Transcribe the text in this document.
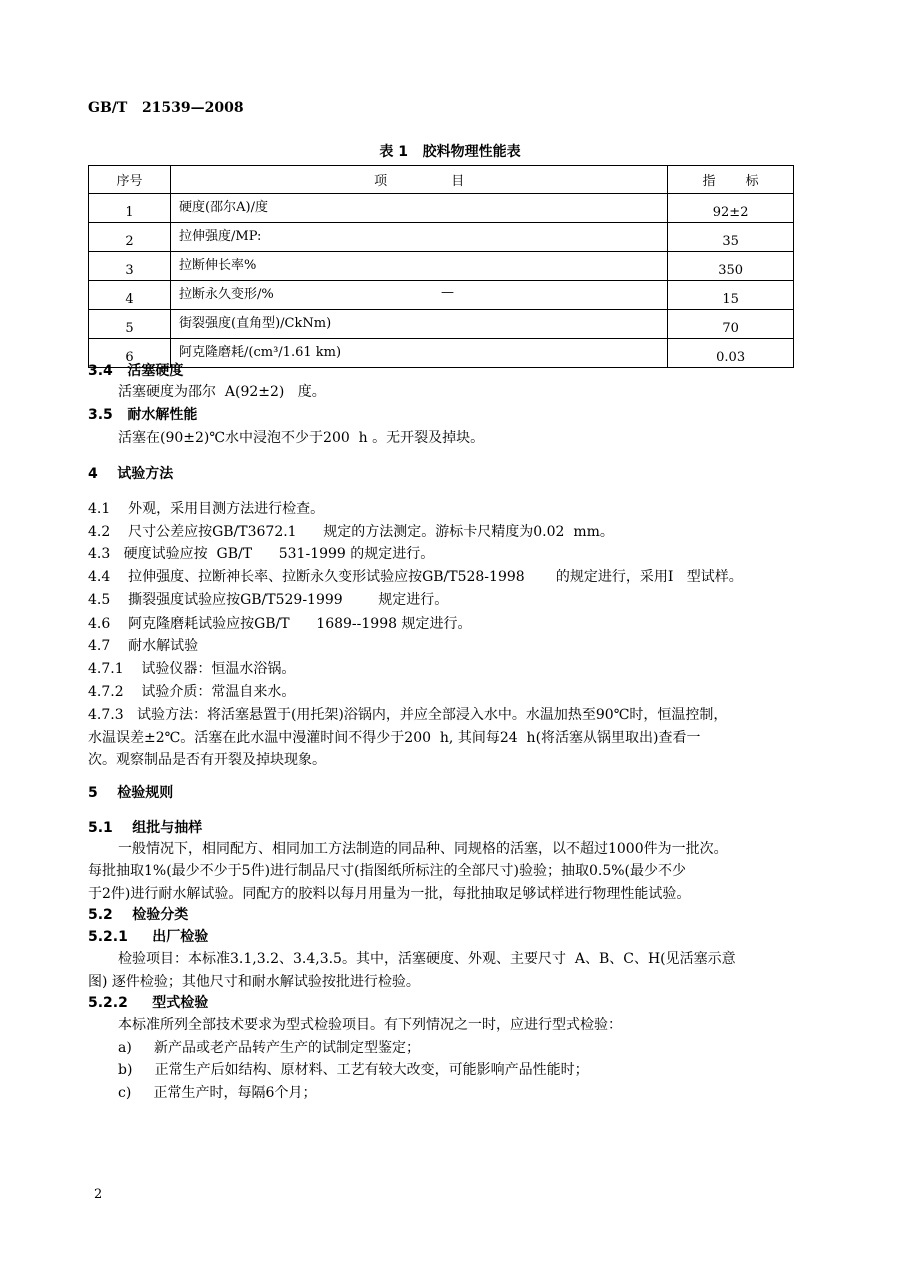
GB/T   21539—2008
表 1   胶料物理性能表
序号	项 目	指 标
1	硬度(邵尔A)/度	92±2
2	拉伸强度/MP:	35
3	拉断伸长率%	350
4	拉断永久变形/% —	15
5	街裂强度(直角型)/CkNm)	70
6	阿克隆磨耗/(cm³/1.61 km)	0.03
3.4   活塞硬度
活塞硬度为邵尔  A(92±2)   度。
3.5   耐水解性能
活塞在(90±2)℃水中浸泡不少于200  h 。无开裂及掉块。
4    试验方法
4.1    外观，采用目测方法进行检查。
4.2    尺寸公差应按GB/T3672.1      规定的方法测定。游标卡尺精度为0.02  mm。
4.3   硬度试验应按  GB/T      531-1999 的规定进行。
4.4    拉伸强度、拉断神长率、拉断永久变形试验应按GB/T528-1998       的规定进行，采用I   型试样。
4.5    撕裂强度试验应按GB/T529-1999        规定进行。
4.6    阿克隆磨耗试验应按GB/T      1689--1998 规定进行。
4.7    耐水解试验
4.7.1    试验仪器：恒温水浴锅。
4.7.2    试验介质：常温自来水。
4.7.3   试验方法：将活塞悬置于(用托架)浴锅内，并应全部浸入水中。水温加热至90℃时，恒温控制，
水温误差±2℃。活塞在此水温中漫灌时间不得少于200  h, 其间每24  h(将活塞从锅里取出)查看一
次。观察制品是否有开裂及掉块现象。
5    检验规则
5.1    组批与抽样
一般情况下，相同配方、相同加工方法制造的同品种、同规格的活塞，以不超过1000件为一批次。
每批抽取1%(最少不少于5件)进行制品尺寸(指图纸所标注的全部尺寸)验验；抽取0.5%(最少不少
于2件)进行耐水解试验。同配方的胶料以每月用量为一批，每批抽取足够试样进行物理性能试验。
5.2    检验分类
5.2.1     出厂检验
检验项目：本标准3.1,3.2、3.4,3.5。其中，活塞硬度、外观、主要尺寸  A、B、C、H(见活塞示意
图) 逐件检验；其他尺寸和耐水解试验按批进行检验。
5.2.2     型式检验
本标准所列全部技术要求为型式检验项目。有下列情况之一时，应进行型式检验：
a)     新产品或老产品转产生产的试制定型鉴定；
b)     正常生产后如结构、原材料、工艺有较大改变，可能影响产品性能时；
c)     正常生产时，每隔6个月；
2
